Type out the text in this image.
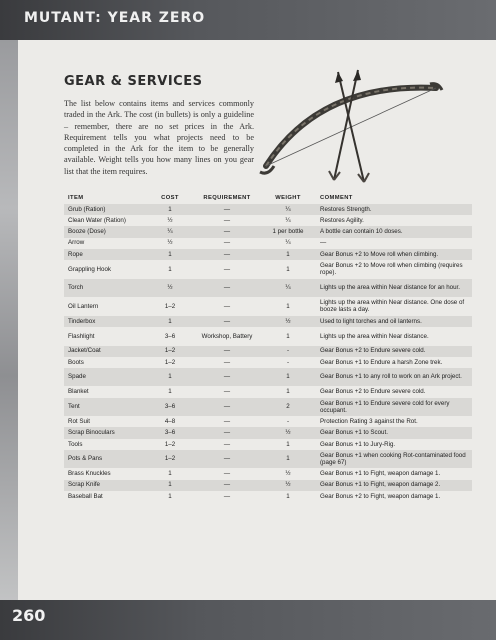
MUTANT: YEAR ZERO
GEAR & SERVICES

The list below contains items and services commonly traded in the Ark. The cost (in bullets) is only a guideline – remember, there are no set prices in the Ark. Requirement tells you what projects need to be completed in the Ark for the item to be generally available. Weight tells you how many lines on you gear list that the item requires.

ITEM	COST	REQUIREMENT	WEIGHT	COMMENT
Grub (Ration)	1	—	¼	Restores Strength.
Clean Water (Ration)	½	—	¼	Restores Agility.
Booze (Dose)	¼	—	1 per bottle	A bottle can contain 10 doses.
Arrow	½	—	¼	—
Rope	1	—	1	Gear Bonus +2 to Move roll when climbing.
Grappling Hook	1	—	1	Gear Bonus +2 to Move roll when climbing (requires rope).
Torch	½	—	¼	Lights up the area within Near distance for an hour.
Oil Lantern	1–2	—	1	Lights up the area within Near distance. One dose of booze lasts a day.
Tinderbox	1	—	½	Used to light torches and oil lanterns.
Flashlight	3–6	Workshop, Battery	1	Lights up the area within Near distance.
Jacket/Coat	1–2	—	-	Gear Bonus +2 to Endure severe cold.
Boots	1–2	—	-	Gear Bonus +1 to Endure a harsh Zone trek.
Spade	1	—	1	Gear Bonus +1 to any roll to work on an Ark project.
Blanket	1	—	1	Gear Bonus +2 to Endure severe cold.
Tent	3–6	—	2	Gear Bonus +1 to Endure severe cold for every occupant.
Rot Suit	4–8	—	-	Protection Rating 3 against the Rot.
Scrap Binoculars	3–6	—	½	Gear Bonus +1 to Scout.
Tools	1–2	—	1	Gear Bonus +1 to Jury-Rig.
Pots & Pans	1–2	—	1	Gear Bonus +1 when cooking Rot-contaminated food (page 67)
Brass Knuckles	1	—	½	Gear Bonus +1 to Fight, weapon damage 1.
Scrap Knife	1	—	½	Gear Bonus +1 to Fight, weapon damage 2.
Baseball Bat	1	—	1	Gear Bonus +2 to Fight, weapon damage 1.
260
